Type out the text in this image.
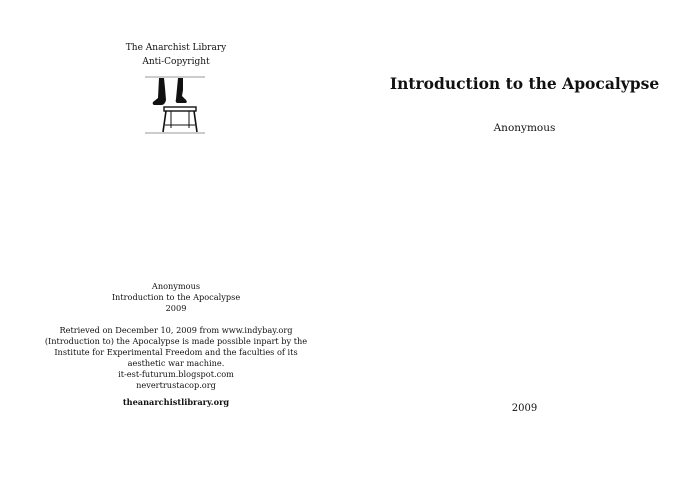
The Anarchist Library
Anti-Copyright
Anonymous
Introduction to the Apocalypse
2009
Retrieved on December 10, 2009 from www.indybay.org
(Introduction to) the Apocalypse is made possible inpart by the
Institute for Experimental Freedom and the faculties of its
aesthetic war machine.
it-est-futurum.blogspot.com
nevertrustacop.org
theanarchistlibrary.org
Introduction to the Apocalypse
Anonymous
2009
